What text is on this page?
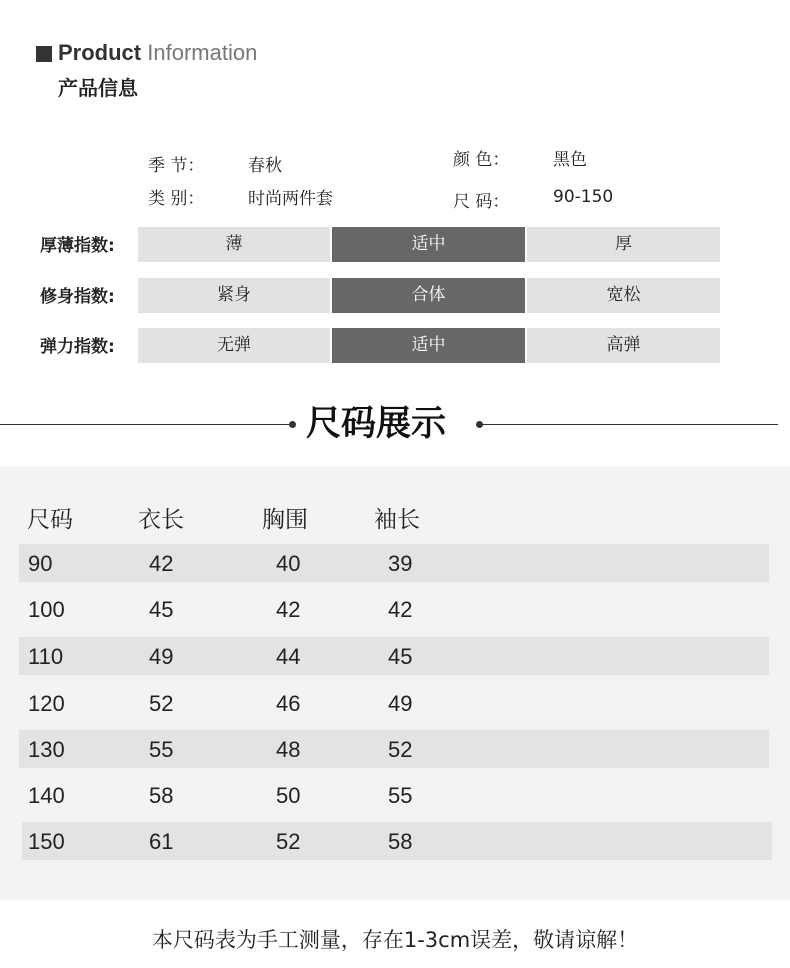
Product Information
产品信息
季 节：	春秋
类 别：	时尚两件套
颜 色：	黑色
尺 码：	90-150
厚薄指数:	薄	适中	厚
修身指数:	紧身	合体	宽松
弹力指数:	无弹	适中	高弹
尺码展示
尺码	衣长	胸围	袖长
90	42	40	39
100	45	42	42
110	49	44	45
120	52	46	49
130	55	48	52
140	58	50	55
150	61	52	58
本尺码表为手工测量，存在1-3cm误差，敬请谅解！
